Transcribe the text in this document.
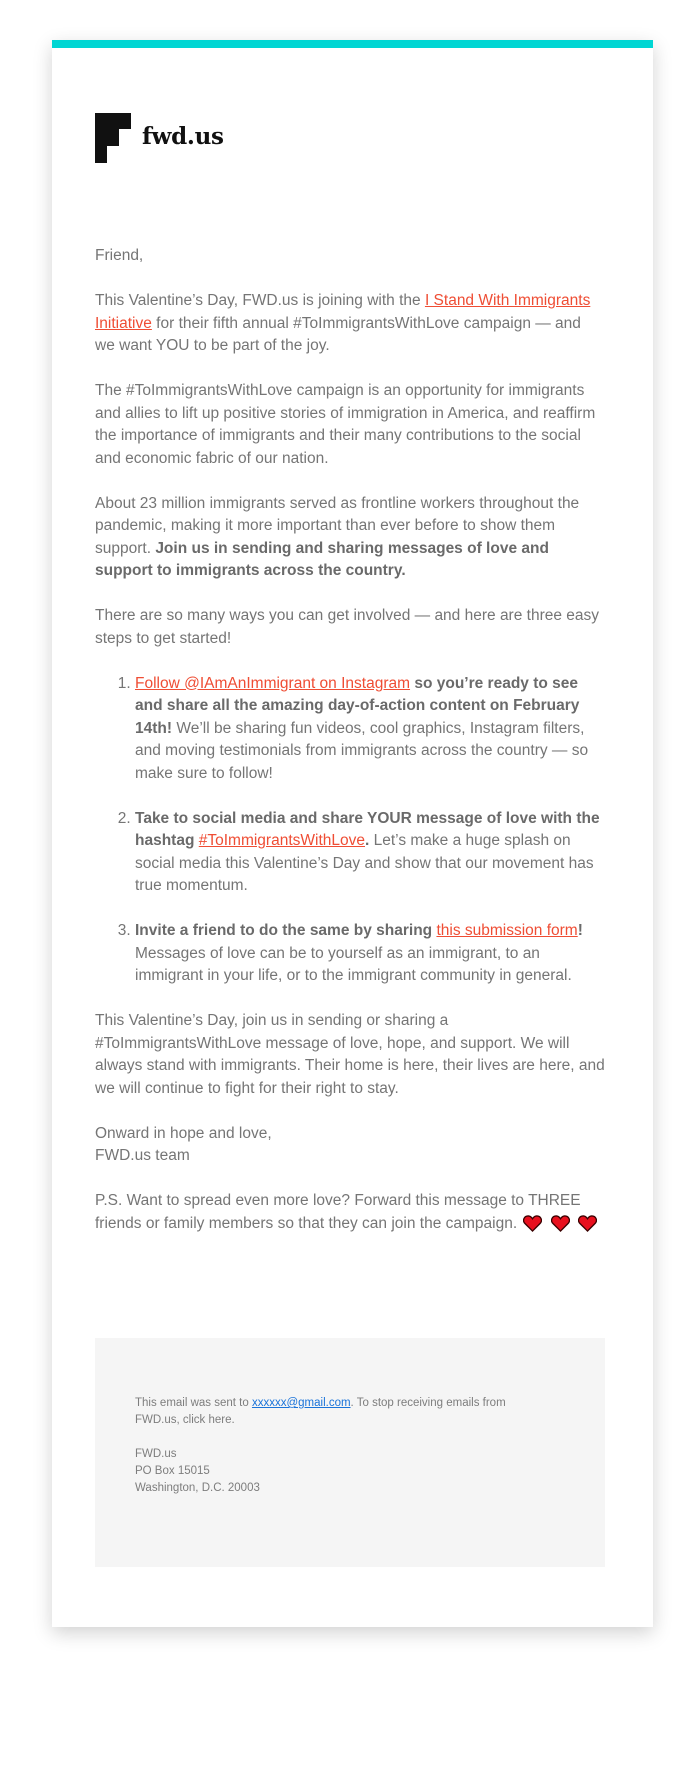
fwd.us

Friend,

This Valentine’s Day, FWD.us is joining with the I Stand With Immigrants Initiative for their fifth annual #ToImmigrantsWithLove campaign — and we want YOU to be part of the joy.

The #ToImmigrantsWithLove campaign is an opportunity for immigrants and allies to lift up positive stories of immigration in America, and reaffirm the importance of immigrants and their many contributions to the social and economic fabric of our nation.

About 23 million immigrants served as frontline workers throughout the pandemic, making it more important than ever before to show them support. Join us in sending and sharing messages of love and support to immigrants across the country.

There are so many ways you can get involved — and here are three easy steps to get started!

1. Follow @IAmAnImmigrant on Instagram so you’re ready to see and share all the amazing day-of-action content on February 14th! We’ll be sharing fun videos, cool graphics, Instagram filters, and moving testimonials from immigrants across the country — so make sure to follow!
2. Take to social media and share YOUR message of love with the hashtag #ToImmigrantsWithLove. Let’s make a huge splash on social media this Valentine’s Day and show that our movement has true momentum.
3. Invite a friend to do the same by sharing this submission form! Messages of love can be to yourself as an immigrant, to an immigrant in your life, or to the immigrant community in general.

This Valentine’s Day, join us in sending or sharing a #ToImmigrantsWithLove message of love, hope, and support. We will always stand with immigrants. Their home is here, their lives are here, and we will continue to fight for their right to stay.

Onward in hope and love,
FWD.us team

P.S. Want to spread even more love? Forward this message to THREE friends or family members so that they can join the campaign.

This email was sent to xxxxxx@gmail.com. To stop receiving emails from FWD.us, click here.

FWD.us
PO Box 15015
Washington, D.C. 20003
